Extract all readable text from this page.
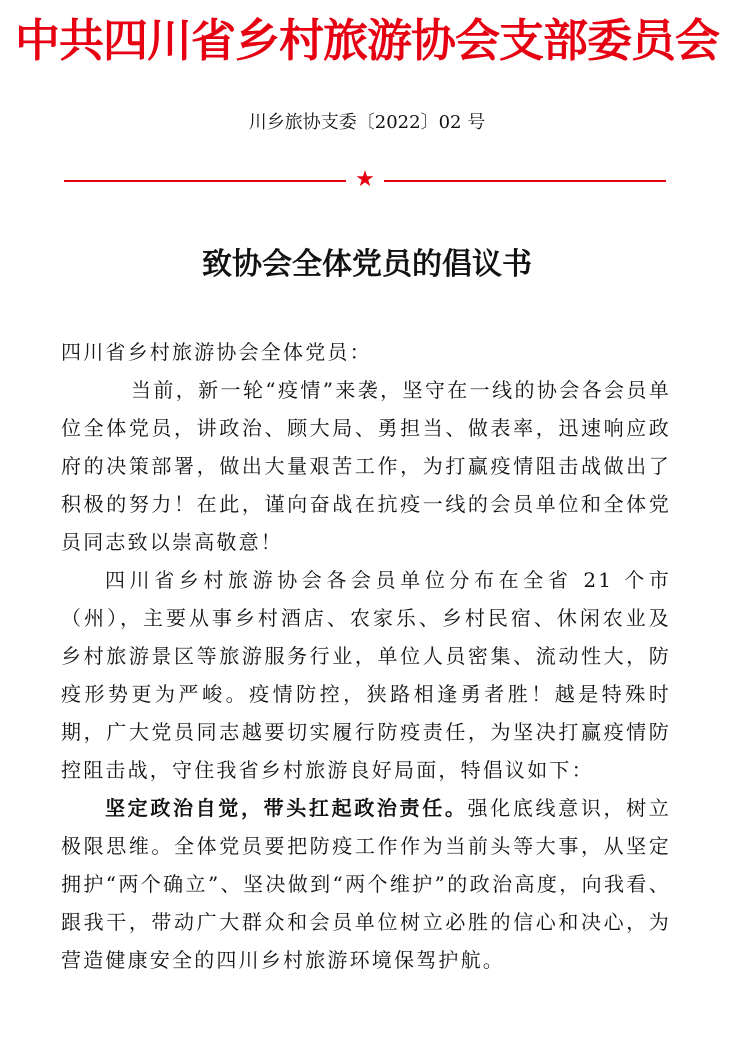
中共四川省乡村旅游协会支部委员会
川乡旅协支委〔2022〕02 号
★
致协会全体党员的倡议书

四川省乡村旅游协会全体党员：

当前，新一轮“疫情”来袭，坚守在一线的协会各会员单位全体党员，讲政治、顾大局、勇担当、做表率，迅速响应政府的决策部署，做出大量艰苦工作，为打赢疫情阻击战做出了积极的努力！在此，谨向奋战在抗疫一线的会员单位和全体党员同志致以崇高敬意！

四川省乡村旅游协会各会员单位分布在全省 21 个市（州），主要从事乡村酒店、农家乐、乡村民宿、休闲农业及乡村旅游景区等旅游服务行业，单位人员密集、流动性大，防疫形势更为严峻。疫情防控，狭路相逢勇者胜！越是特殊时期，广大党员同志越要切实履行防疫责任，为坚决打赢疫情防控阻击战，守住我省乡村旅游良好局面，特倡议如下：

坚定政治自觉，带头扛起政治责任。强化底线意识，树立极限思维。全体党员要把防疫工作作为当前头等大事，从坚定拥护“两个确立”、坚决做到“两个维护”的政治高度，向我看、跟我干，带动广大群众和会员单位树立必胜的信心和决心，为营造健康安全的四川乡村旅游环境保驾护航。
